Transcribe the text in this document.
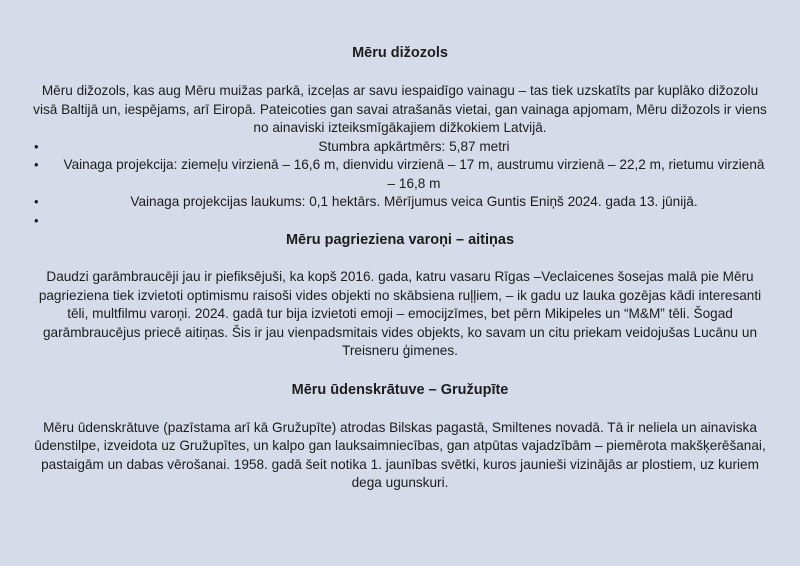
Mēru dižozols

Mēru dižozols, kas aug Mēru muižas parkā, izceļas ar savu iespaidīgo vainagu – tas tiek uzskatīts par kuplāko dižozolu visā Baltijā un, iespējams, arī Eiropā. Pateicoties gan savai atrašanās vietai, gan vainaga apjomam, Mēru dižozols ir viens no ainaviski izteiksmīgākajiem dižkokiem Latvijā.

• Stumbra apkārtmērs: 5,87 metri
• Vainaga projekcija: ziemeļu virzienā – 16,6 m, dienvidu virzienā – 17 m, austrumu virzienā – 22,2 m, rietumu virzienā – 16,8 m
• Vainaga projekcijas laukums: 0,1 hektārs. Mērījumus veica Guntis Eniņš 2024. gada 13. jūnijā.
•
Mēru pagrieziena varoņi – aitiņas

Daudzi garāmbraucēji jau ir piefiksējuši, ka kopš 2016. gada, katru vasaru Rīgas –Veclaicenes šosejas malā pie Mēru pagrieziena tiek izvietoti optimismu raisoši vides objekti no skābsiena ruļļiem, – ik gadu uz lauka gozējas kādi interesanti tēli, multfilmu varoņi. 2024. gadā tur bija izvietoti emoji – emocijzīmes, bet pērn Mikipeles un “M&M” tēli. Šogad garāmbraucējus priecē aitiņas. Šis ir jau vienpadsmitais vides objekts, ko savam un citu priekam veidojušas Lucānu un Treisneru ģimenes.

Mēru ūdenskrātuve – Gružupīte

Mēru ūdenskrātuve (pazīstama arī kā Gružupīte) atrodas Bilskas pagastā, Smiltenes novadā. Tā ir neliela un ainaviska ūdenstilpe, izveidota uz Gružupītes, un kalpo gan lauksaimniecības, gan atpūtas vajadzībām – piemērota makšķerēšanai, pastaigām un dabas vērošanai. 1958. gadā šeit notika 1. jaunības svētki, kuros jaunieši vizinājās ar plostiem, uz kuriem dega ugunskuri.
